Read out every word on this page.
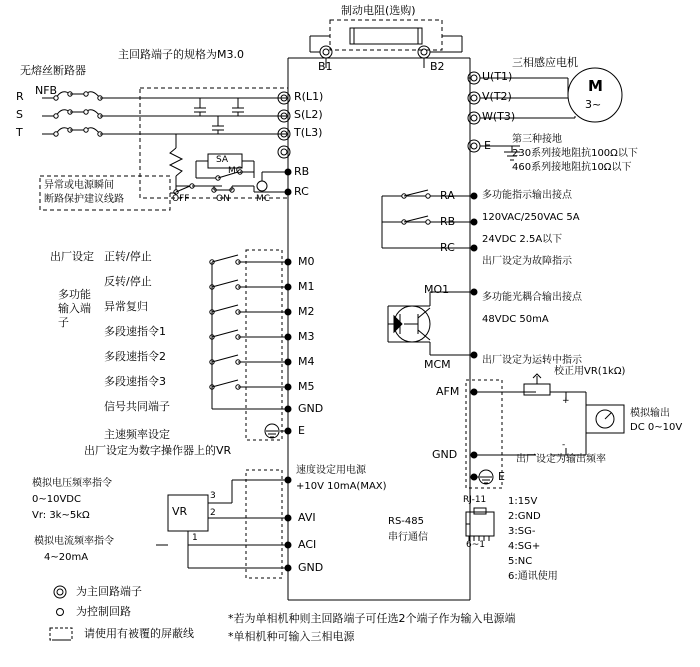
制动电阻(选购)
B1	B2
主回路端子的规格为M3.0
无熔丝断路器
NFB
R
S
T
R(L1)
S(L2)
T(L3)
三相感应电机
U(T1)
V(T2)
W(T3)
M
3~
E 第三种接地
230系列接地阻抗100Ω以下
460系列接地阻抗10Ω以下
SA
MC
OFF	ON	MC
RB
RC
异常或电源瞬间
断路保护建议线路	RA
RB
RC
多功能指示输出接点
120VAC/250VAC 5A
24VDC 2.5A以下
出厂设定为故障指示
出厂设定 正转/停止
反转/停止
异常复归
多段速指令1
多段速指令2
多段速指令3
信号共同端子
多功能输入端子
M0
M1
M2
M3
M4
M5
GND
E
MO1
MCM
多功能光耦合输出接点
48VDC 50mA
出厂设定为运转中指示
AFM
校正用VR(1kΩ)
模拟输出
DC 0~10V
GND
E
出厂设定为输出频率
+
-
主速频率设定
出厂设定为数字操作器上的VR
速度设定用电源
+10V 10mA(MAX)
VR
3
2
1
AVI
ACI
GND
模拟电压频率指令
0~10VDC
Vr: 3k~5kΩ
模拟电流频率指令
4~20mA
RS-485
串行通信
RJ-11
6~1
1:15V
2:GND
3:SG-
4:SG+
5:NC
6:通讯使用
为主回路端子
为控制回路
请使用有被覆的屏蔽线
*若为单相机种则主回路端子可任选2个端子作为输入电源端
*单相机种可输入三相电源
